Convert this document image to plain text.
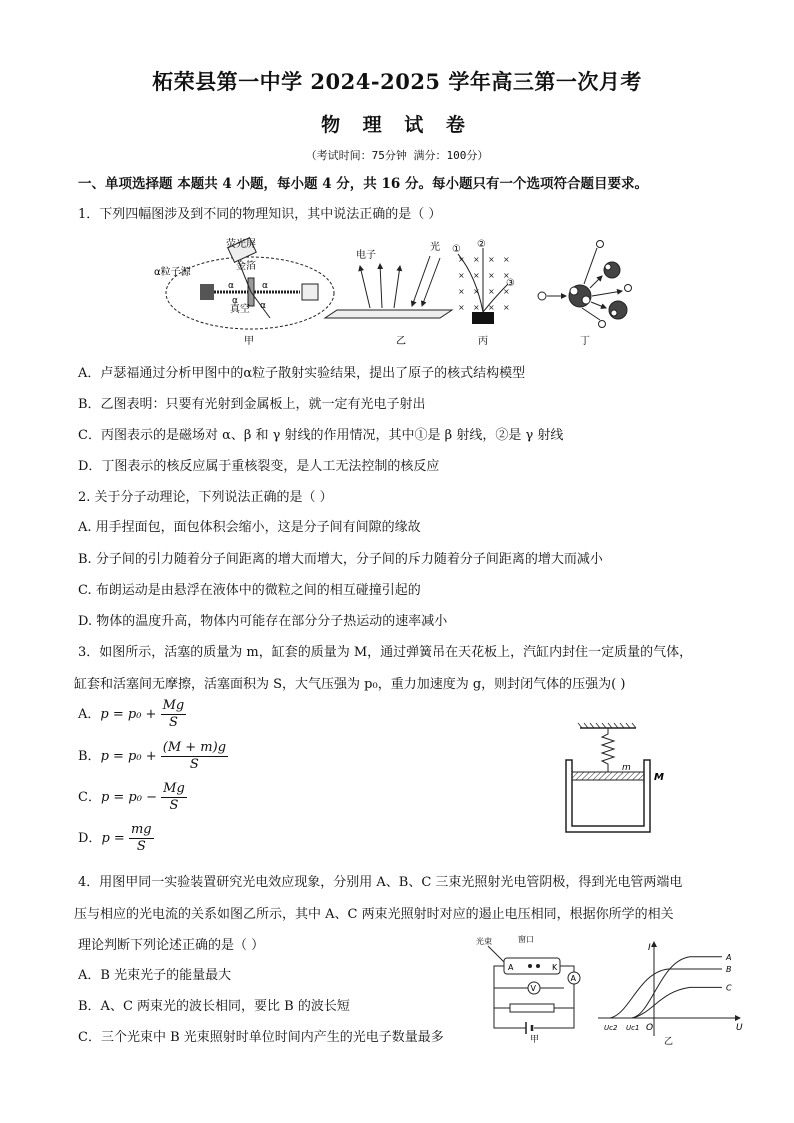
柘荣县第一中学 2024-2025 学年高三第一次月考
物 理 试 卷
（考试时间：75分钟 满分：100分）
一、单项选择题 本题共 4 小题，每小题 4 分，共 16 分。每小题只有一个选项符合题目要求。
1．下列四幅图涉及到不同的物理知识，其中说法正确的是（ ）
荧光屏
金箔
α粒子源
真空
α	α
α α
甲
电子
光
乙
× × × ×
× × × ×
× × × ×
× × × ×
① ②
③
丙	丁
A．卢瑟福通过分析甲图中的α粒子散射实验结果，提出了原子的核式结构模型
B．乙图表明：只要有光射到金属板上，就一定有光电子射出
C．丙图表示的是磁场对 α、β 和 γ 射线的作用情况，其中①是 β 射线，②是 γ 射线
D．丁图表示的核反应属于重核裂变，是人工无法控制的核反应
2. 关于分子动理论，下列说法正确的是（ ）
A. 用手捏面包，面包体积会缩小，这是分子间有间隙的缘故
B. 分子间的引力随着分子间距离的增大而增大，分子间的斥力随着分子间距离的增大而减小
C. 布朗运动是由悬浮在液体中的微粒之间的相互碰撞引起的
D. 物体的温度升高，物体内可能存在部分分子热运动的速率减小
3．如图所示，活塞的质量为 m，缸套的质量为 M，通过弹簧吊在天花板上，汽缸内封住一定质量的气体，
缸套和活塞间无摩擦，活塞面积为 S，大气压强为 p₀，重力加速度为 g，则封闭气体的压强为( )
A．$p = p_0 + \frac{Mg}{S}$
B．$p = p_0 + \frac{(M + m)g}{S}$
C．$p = p_0 - \frac{Mg}{S}$
D．$p = \frac{mg}{S}$
m
M
4．用图甲同一实验装置研究光电效应现象，分别用 A、B、C 三束光照射光电管阴极，得到光电管两端电
压与相应的光电流的关系如图乙所示，其中 A、C 两束光照射时对应的遏止电压相同，根据你所学的相关
理论判断下列论述正确的是（ ）
A．B 光束光子的能量最大
B．A、C 两束光的波长相同，要比 B 的波长短
C．三个光束中 B 光束照射时单位时间内产生的光电子数量最多
光束	窗口
A	K
V
A
甲
I
U
O
Uc2 Uc1
A
B
C
乙
